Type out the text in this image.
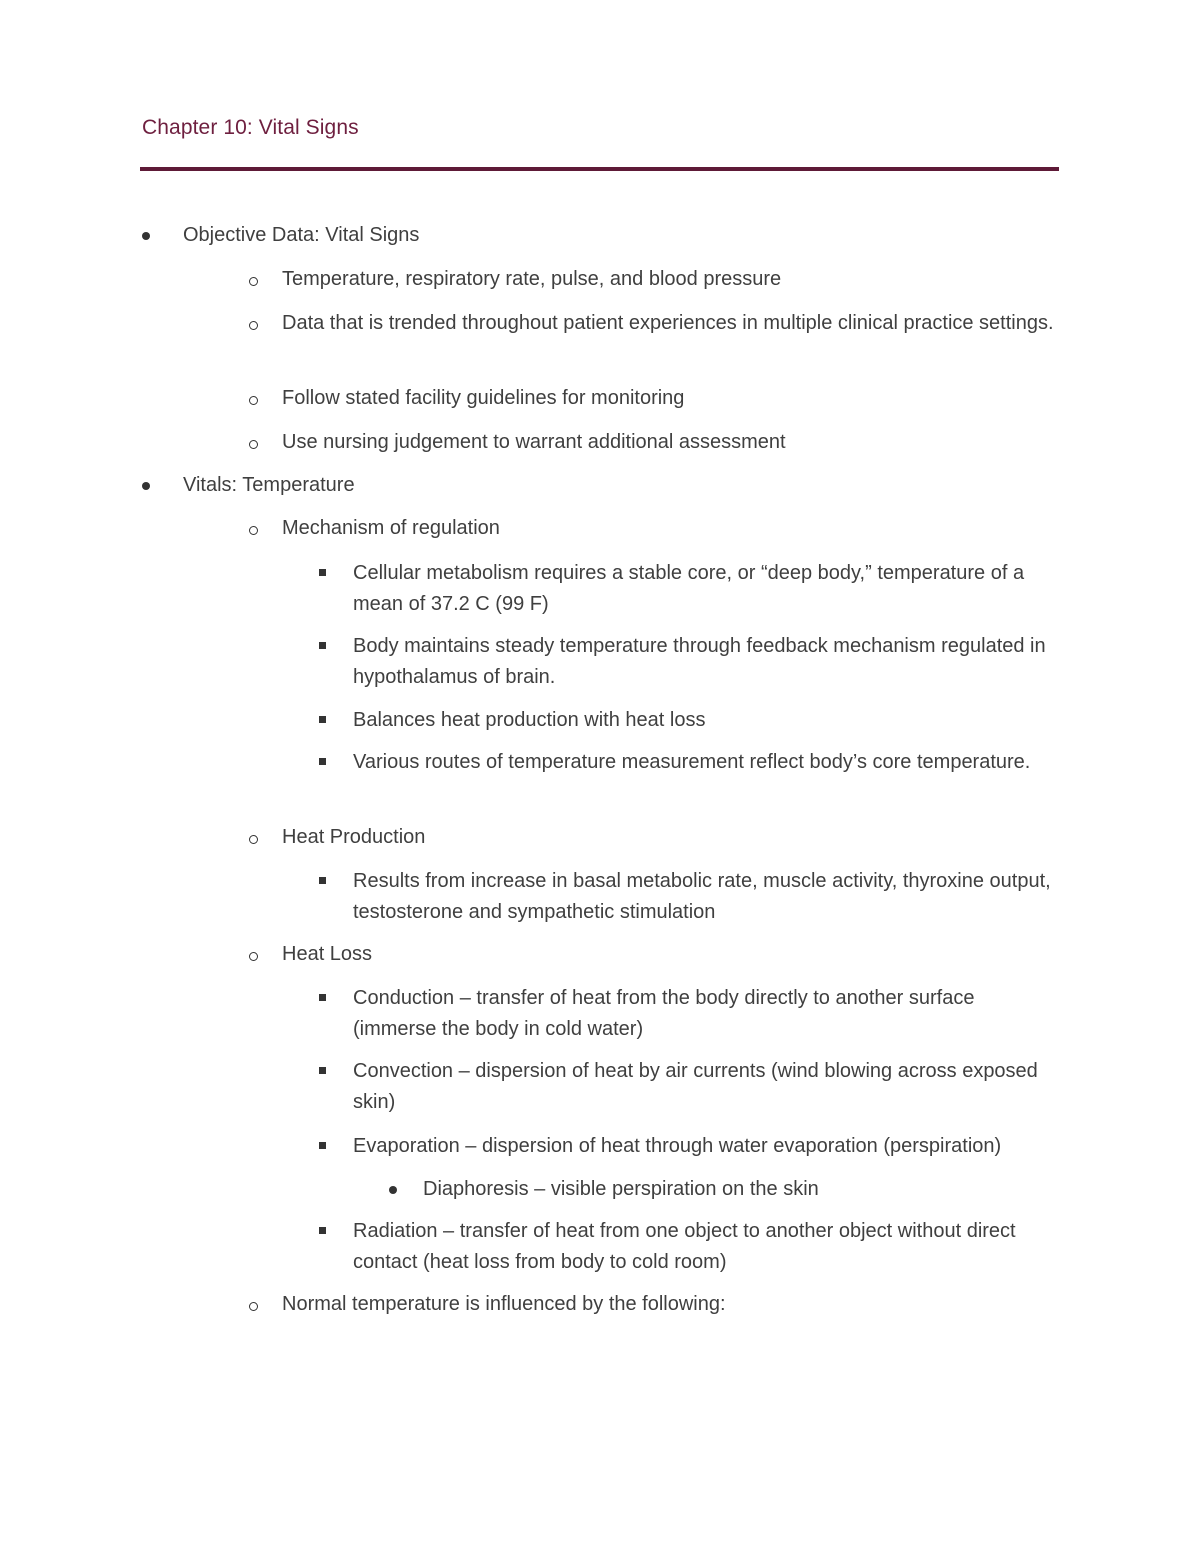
Chapter 10: Vital Signs
Objective Data: Vital Signs
Temperature, respiratory rate, pulse, and blood pressure
Data that is trended throughout patient experiences in multiple clinical practice settings.
Follow stated facility guidelines for monitoring
Use nursing judgement to warrant additional assessment
Vitals: Temperature
Mechanism of regulation
Cellular metabolism requires a stable core, or “deep body,” temperature of a mean of 37.2 C (99 F)
Body maintains steady temperature through feedback mechanism regulated in hypothalamus of brain.
Balances heat production with heat loss
Various routes of temperature measurement reflect body’s core temperature.
Heat Production
Results from increase in basal metabolic rate, muscle activity, thyroxine output, testosterone and sympathetic stimulation
Heat Loss
Conduction – transfer of heat from the body directly to another surface (immerse the body in cold water)
Convection – dispersion of heat by air currents (wind blowing across exposed skin)
Evaporation – dispersion of heat through water evaporation (perspiration)
Diaphoresis – visible perspiration on the skin
Radiation – transfer of heat from one object to another object without direct contact (heat loss from body to cold room)
Normal temperature is influenced by the following:
